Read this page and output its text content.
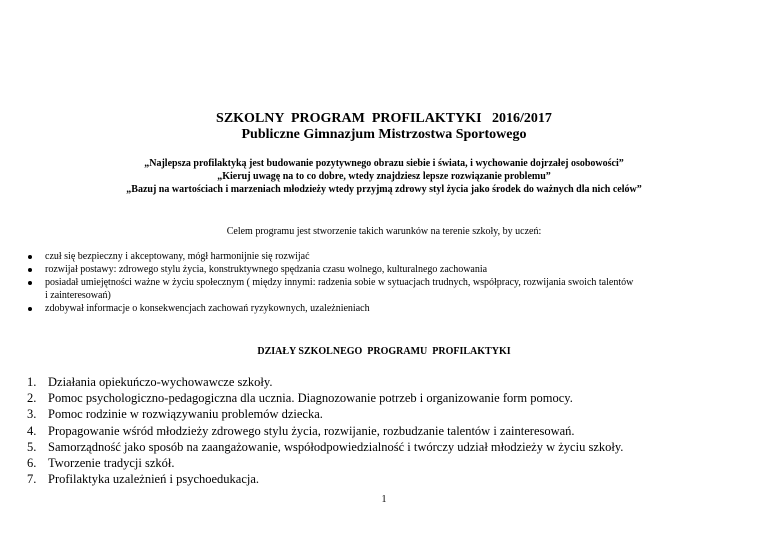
SZKOLNY  PROGRAM  PROFILAKTYKI   2016/2017
Publiczne Gimnazjum Mistrzostwa Sportowego
„Najlepsza profilaktyką jest budowanie pozytywnego obrazu siebie i świata, i wychowanie dojrzałej osobowości”
„Kieruj uwagę na to co dobre, wtedy znajdziesz lepsze rozwiązanie problemu”
„Bazuj na wartościach i marzeniach młodzieży wtedy przyjmą zdrowy styl życia jako środek do ważnych dla nich celów”
Celem programu jest stworzenie takich warunków na terenie szkoły, by uczeń:
czuł się bezpieczny i akceptowany, mógł harmonijnie się rozwijać
rozwijał postawy: zdrowego stylu życia, konstruktywnego spędzania czasu wolnego, kulturalnego zachowania
posiadał umiejętności ważne w życiu społecznym ( między innymi: radzenia sobie w sytuacjach trudnych, współpracy, rozwijania swoich talentów
i zainteresowań)
zdobywał informacje o konsekwencjach zachowań ryzykownych, uzależnieniach
DZIAŁY SZKOLNEGO  PROGRAMU  PROFILAKTYKI
1. Działania opiekuńczo-wychowawcze szkoły.
2. Pomoc psychologiczno-pedagogiczna dla ucznia. Diagnozowanie potrzeb i organizowanie form pomocy.
3. Pomoc rodzinie w rozwiązywaniu problemów dziecka.
4. Propagowanie wśród młodzieży zdrowego stylu życia, rozwijanie, rozbudzanie talentów i zainteresowań.
5. Samorządność jako sposób na zaangażowanie, współodpowiedzialność i twórczy udział młodzieży w życiu szkoły.
6. Tworzenie tradycji szkół.
7. Profilaktyka uzależnień i psychoedukacja.
1
